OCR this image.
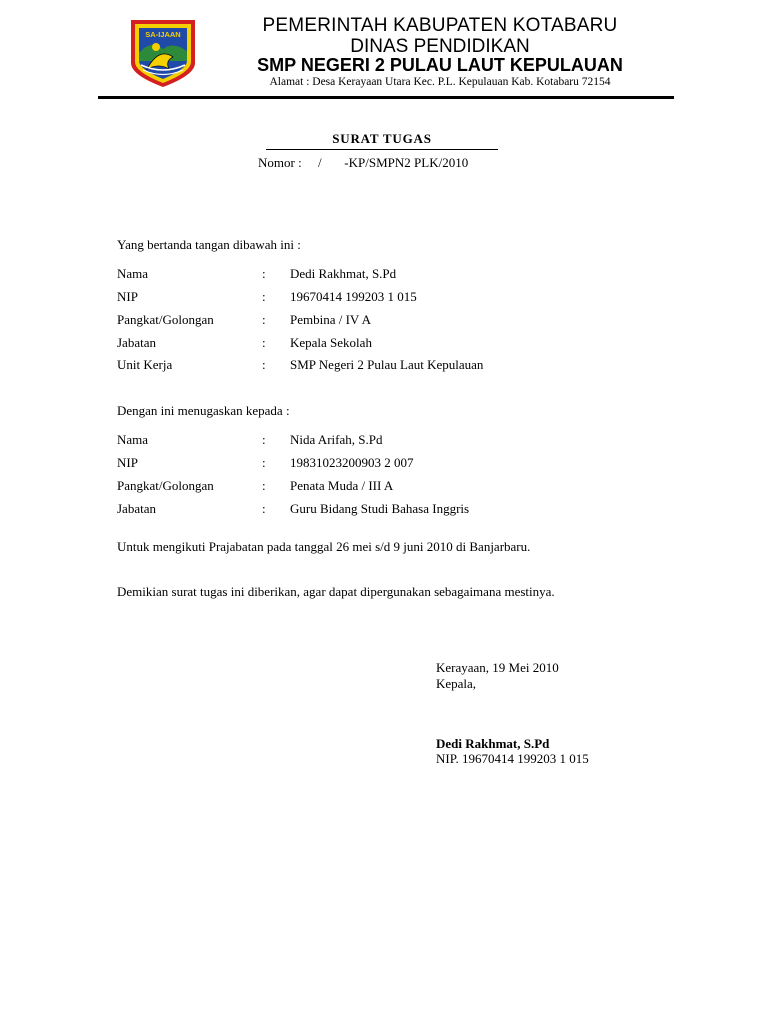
SA-IJAAN	PEMERINTAH KABUPATEN KOTABARU
DINAS PENDIDIKAN
SMP NEGERI 2 PULAU LAUT KEPULAUAN
Alamat : Desa Kerayaan Utara Kec. P.L. Kepulauan Kab. Kotabaru 72154
SURAT TUGAS
Nomor :     /       -KP/SMPN2 PLK/2010
Yang bertanda tangan dibawah ini :
Nama	: Dedi Rakhmat, S.Pd
NIP	: 19670414 199203 1 015
Pangkat/Golongan	: Pembina / IV A
Jabatan	: Kepala Sekolah
Unit Kerja	: SMP Negeri 2 Pulau Laut Kepulauan
Dengan ini menugaskan kepada :
Nama	: Nida Arifah, S.Pd
NIP	: 19831023200903 2 007
Pangkat/Golongan	: Penata Muda / III A
Jabatan	: Guru Bidang Studi Bahasa Inggris
Untuk mengikuti Prajabatan pada tanggal 26 mei s/d 9 juni 2010 di Banjarbaru.
Demikian surat tugas ini diberikan, agar dapat dipergunakan sebagaimana mestinya.
Kerayaan, 19 Mei 2010
Kepala,
Dedi Rakhmat, S.Pd
NIP. 19670414 199203 1 015
